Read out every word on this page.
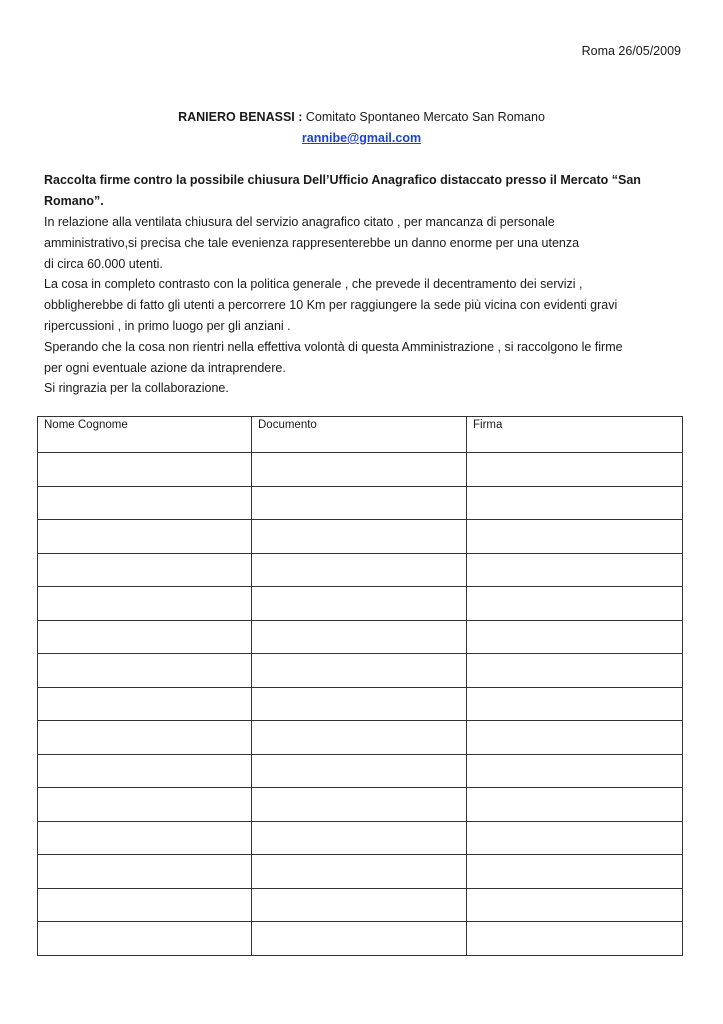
Roma 26/05/2009
RANIERO BENASSI : Comitato Spontaneo Mercato San Romano
rannibe@gmail.com
Raccolta firme contro la possibile chiusura Dell’Ufficio Anagrafico distaccato presso il Mercato “San
Romano”.
In relazione alla ventilata chiusura del servizio anagrafico citato , per mancanza di personale
amministrativo,si precisa che tale evenienza rappresenterebbe un danno enorme per una utenza
di circa 60.000 utenti.
La cosa in completo contrasto con la politica generale , che prevede il decentramento dei servizi ,
obbligherebbe di fatto gli utenti a percorrere 10 Km per raggiungere la sede più vicina con evidenti gravi
ripercussioni , in primo luogo per gli anziani .
Sperando che la cosa non rientri nella effettiva volontà di questa Amministrazione , si raccolgono le firme
per ogni eventuale azione da intraprendere.
Si ringrazia per la collaborazione.
Nome Cognome	Documento	Firma
